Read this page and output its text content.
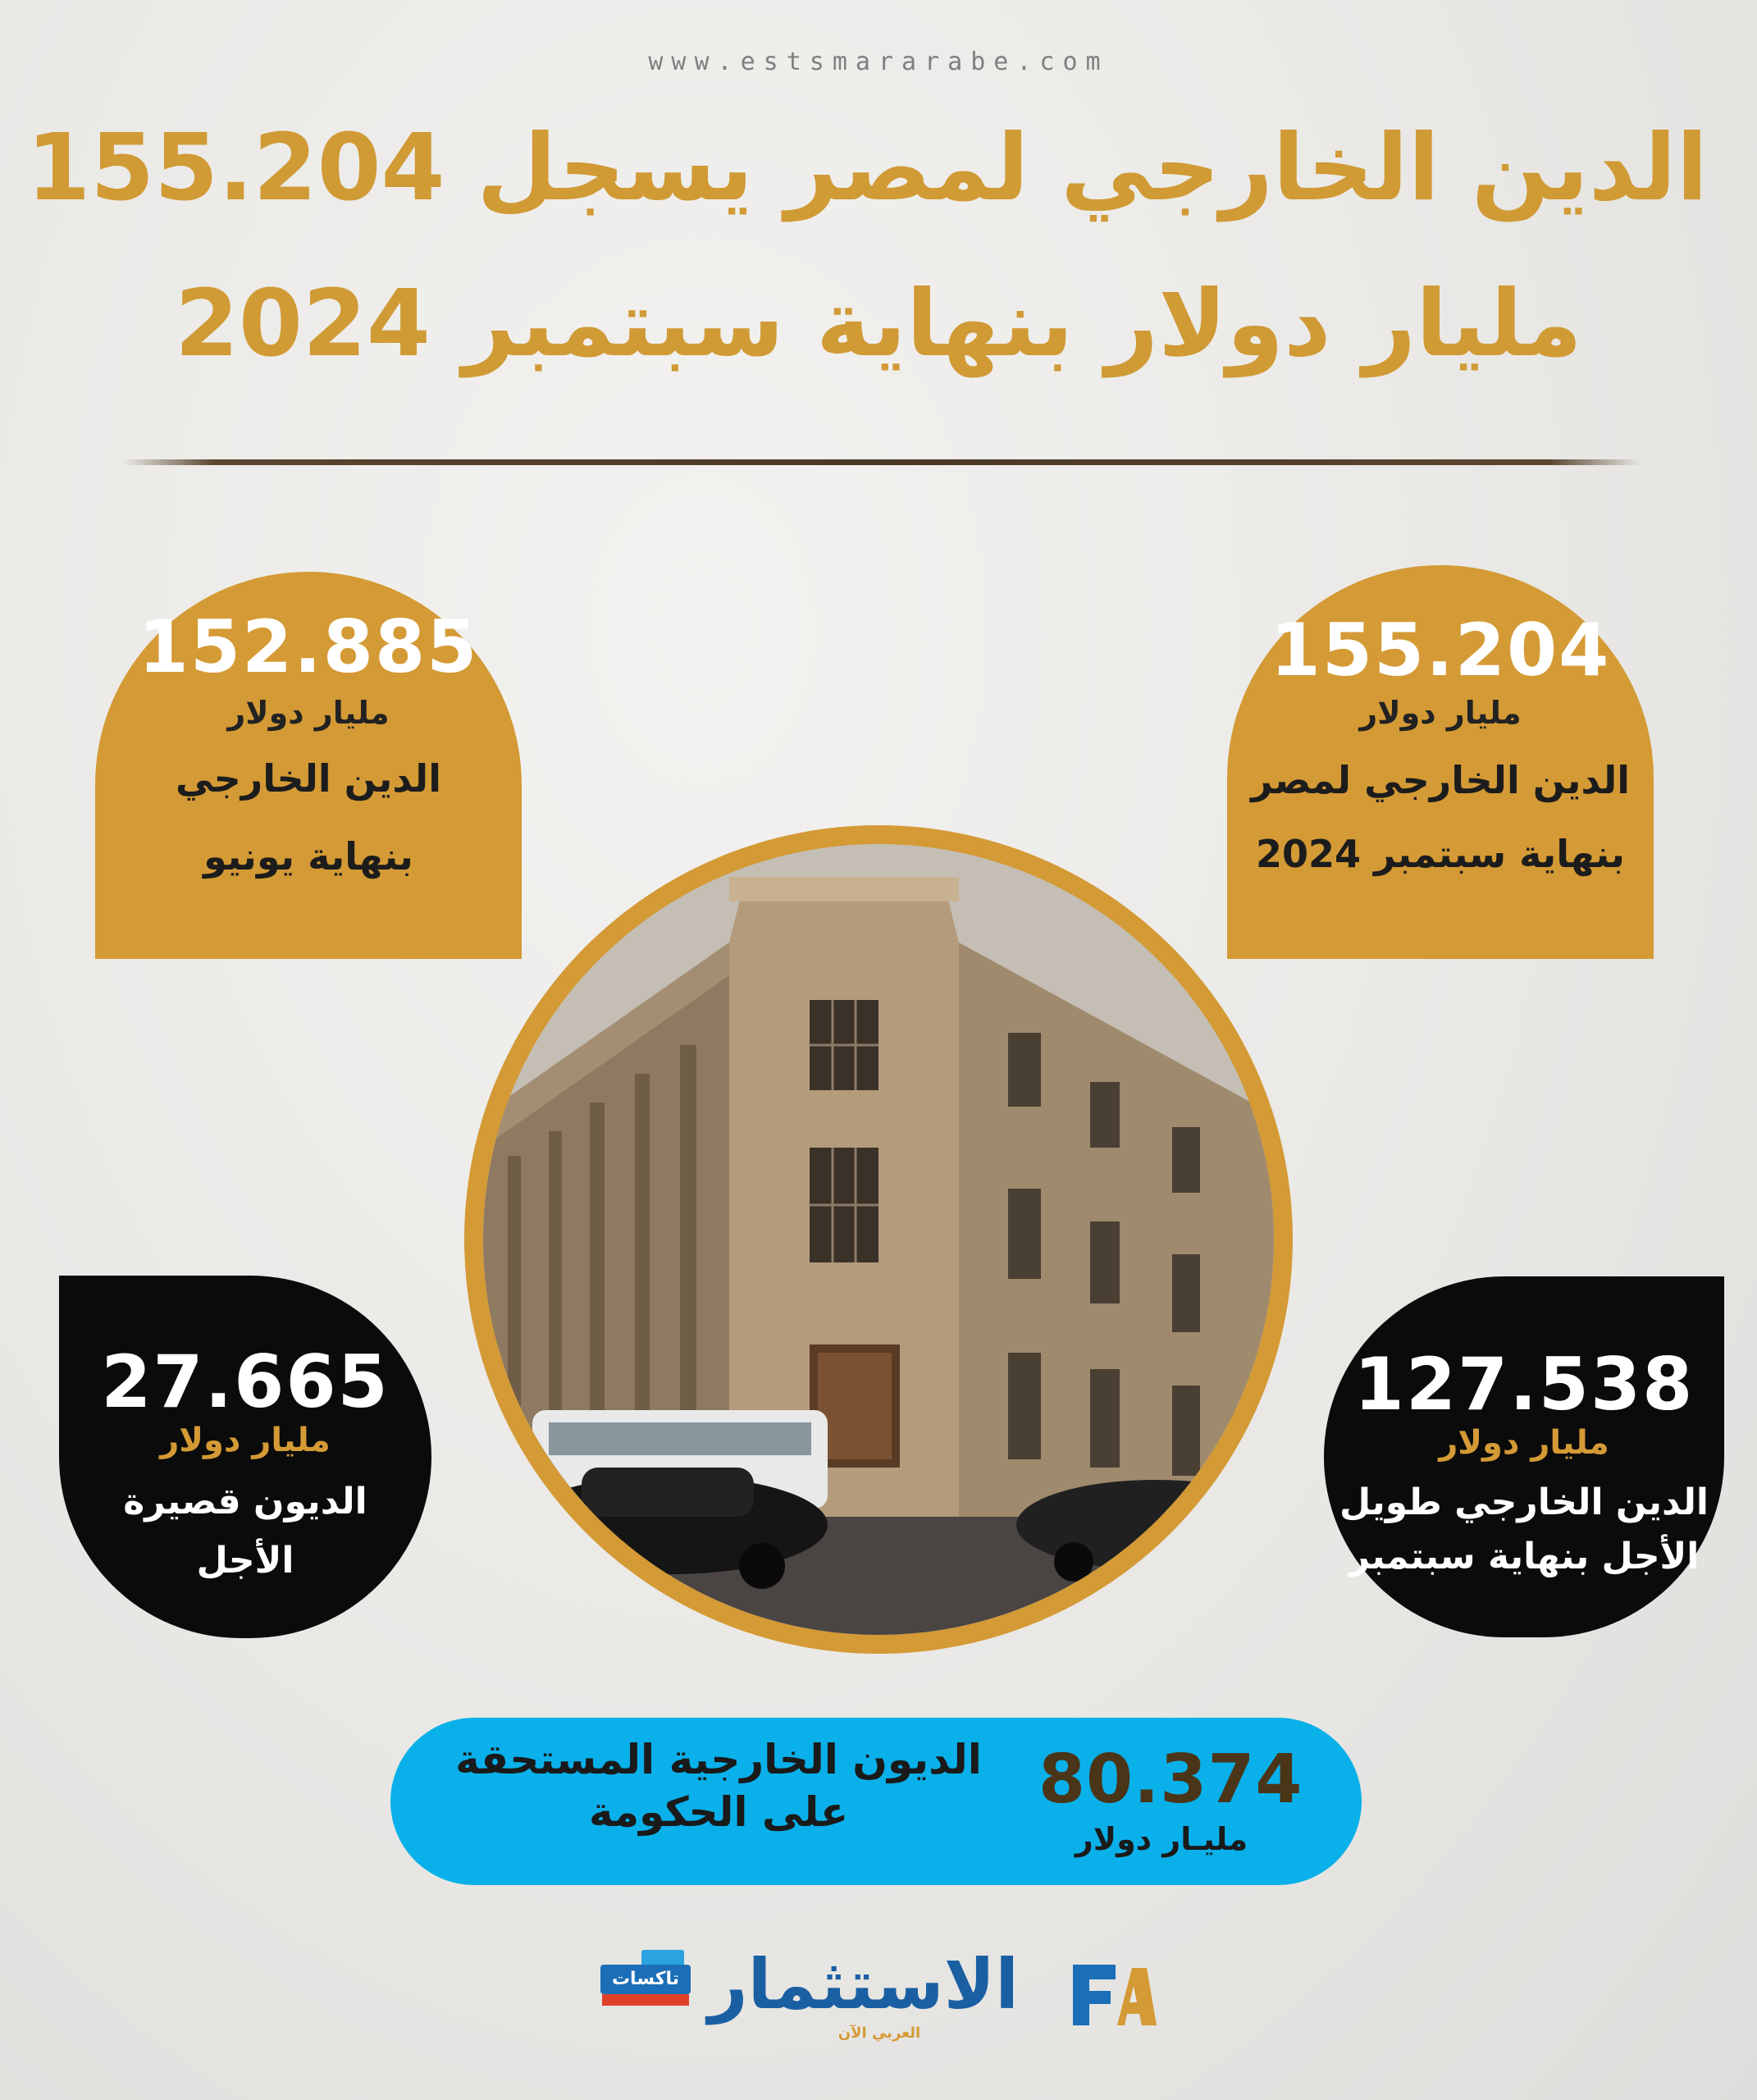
www.estsmararabe.com
الدين الخارجي لمصر يسجل 155.204
مليار دولار بنهاية سبتمبر 2024
152.885
مليار دولار
الدين الخارجي
بنهاية يونيو
155.204
مليار دولار
الدين الخارجي لمصر
بنهاية سبتمبر 2024
27.665
مليار دولار
الديون قصيرة
الأجل
127.538
مليار دولار
الدين الخارجي طويل
الأجل بنهاية سبتمبر
80.374
مليـار دولار
الديون الخارجية المستحقة
على الحكومة
الاستثمار
العربي الآن
تاكسات
